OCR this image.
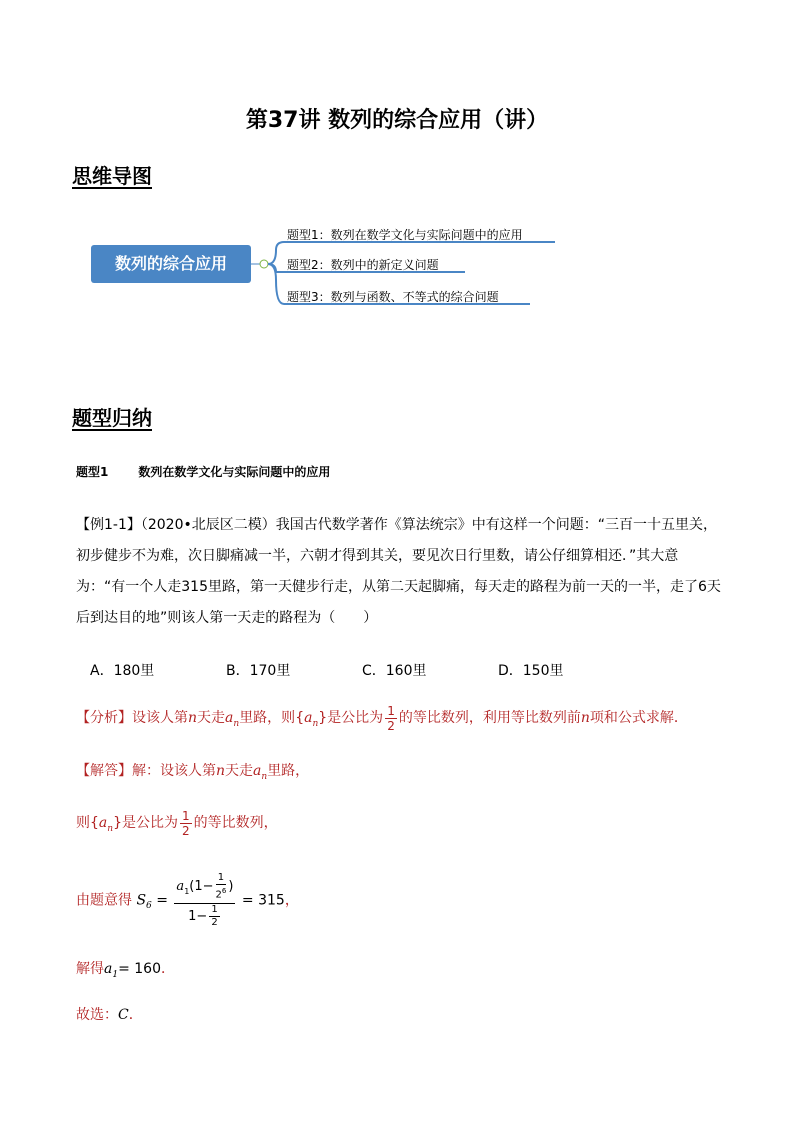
第37讲 数列的综合应用（讲）
思维导图
数列的综合应用
题型1：数列在数学文化与实际问题中的应用
题型2：数列中的新定义问题
题型3：数列与函数、不等式的综合问题
题型归纳
题型1	数列在数学文化与实际问题中的应用
【例1-1】（2020•北辰区二模）我国古代数学著作《算法统宗》中有这样一个问题：“三百一十五里关，初步健步不为难，次日脚痛减一半，六朝才得到其关，要见次日行里数，请公仔细算相还．”其大意为：“有一个人走315里路，第一天健步行走，从第二天起脚痛，每天走的路程为前一天的一半，走了6天后到达目的地”则该人第一天走的路程为（　　）
A．180里	B．170里	C．160里	D．150里
【分析】设该人第n天走$a_n$里路，则$\{a_n\}$是公比为 $\frac{1}{2}$ 的等比数列，利用等比数列前n项和公式求解．
【解答】解：设该人第n天走$a_n$里路，
则$\{a_n\}$是公比为 $\frac{1}{2}$ 的等比数列，
由题意得 $S_6 = \frac{a_1(1- \frac{1}{2^6} )}{1- \frac{1}{2}} = 315$，
解得$a_1= 160$．
故选：C．
